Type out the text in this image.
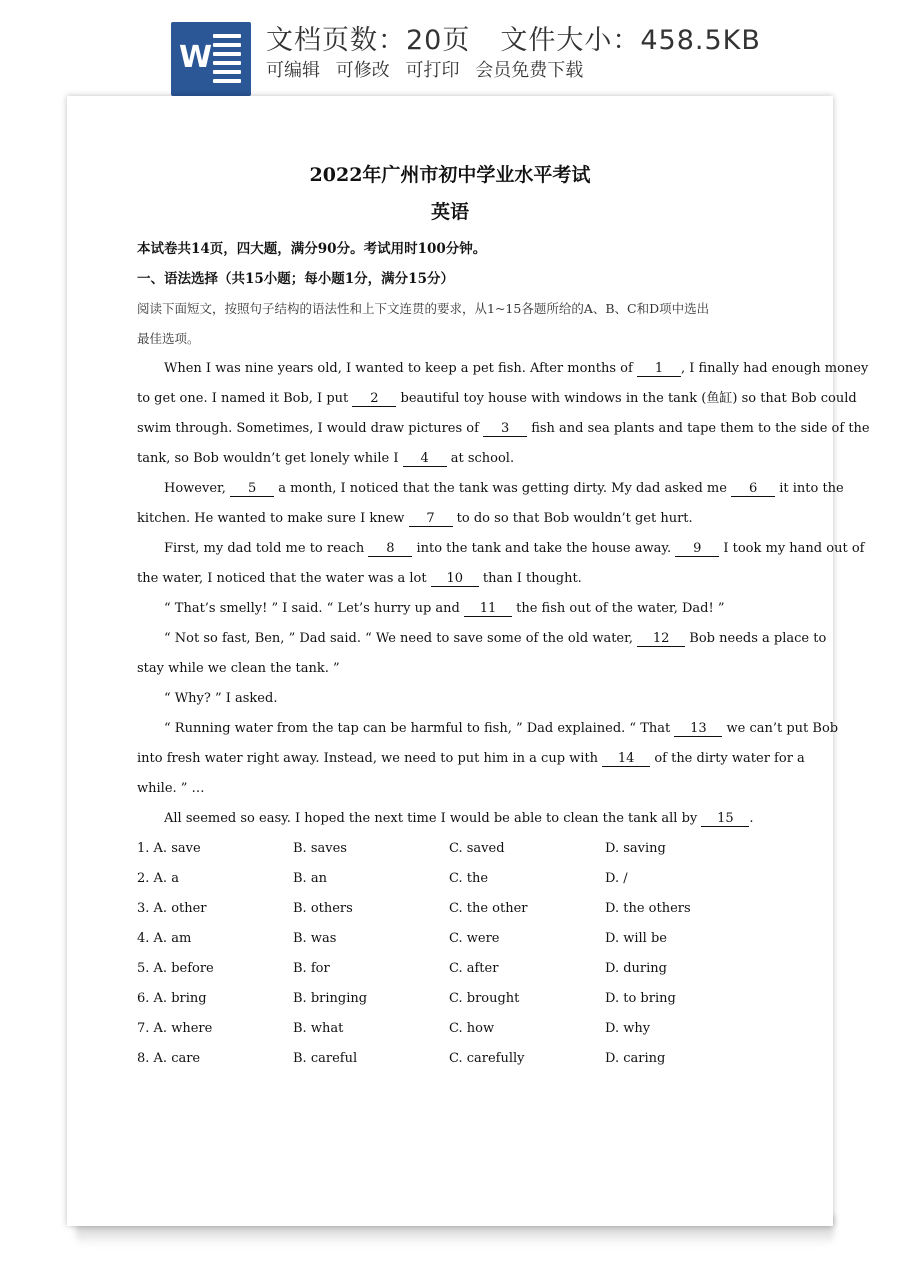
W 文档页数：20页 文件大小：458.5KB
可编辑 可修改 可打印 会员免费下载
2022年广州市初中学业水平考试
英语
本试卷共14页，四大题，满分90分。考试用时100分钟。
一、语法选择（共15小题；每小题1分，满分15分）
阅读下面短文，按照句子结构的语法性和上下文连贯的要求，从1~15各题所给的A、B、C和D项中选出
最佳选项。
When I was nine years old, I wanted to keep a pet fish. After months of 1 , I finally had enough money
to get one. I named it Bob, I put 2 beautiful toy house with windows in the tank (鱼缸) so that Bob could
swim through. Sometimes, I would draw pictures of 3 fish and sea plants and tape them to the side of the
tank, so Bob wouldn’t get lonely while I 4 at school.
However, 5 a month, I noticed that the tank was getting dirty. My dad asked me 6 it into the
kitchen. He wanted to make sure I knew 7 to do so that Bob wouldn’t get hurt.
First, my dad told me to reach 8 into the tank and take the house away. 9 I took my hand out of
the water, I noticed that the water was a lot 10 than I thought.
“ That’s smelly! ” I said. “ Let’s hurry up and 11 the fish out of the water, Dad! ”
“ Not so fast, Ben, ” Dad said. “ We need to save some of the old water, 12 Bob needs a place to
stay while we clean the tank. ”
“ Why? ” I asked.
“ Running water from the tap can be harmful to fish, ” Dad explained. “ That 13 we can’t put Bob
into fresh water right away. Instead, we need to put him in a cup with 14 of the dirty water for a
while. ” …
All seemed so easy. I hoped the next time I would be able to clean the tank all by 15 .
1. A. save	B. saves	C. saved	D. saving
2. A. a	B. an	C. the	D. /
3. A. other	B. others	C. the other	D. the others
4. A. am	B. was	C. were	D. will be
5. A. before	B. for	C. after	D. during
6. A. bring	B. bringing	C. brought	D. to bring
7. A. where	B. what	C. how	D. why
8. A. care	B. careful	C. carefully	D. caring
